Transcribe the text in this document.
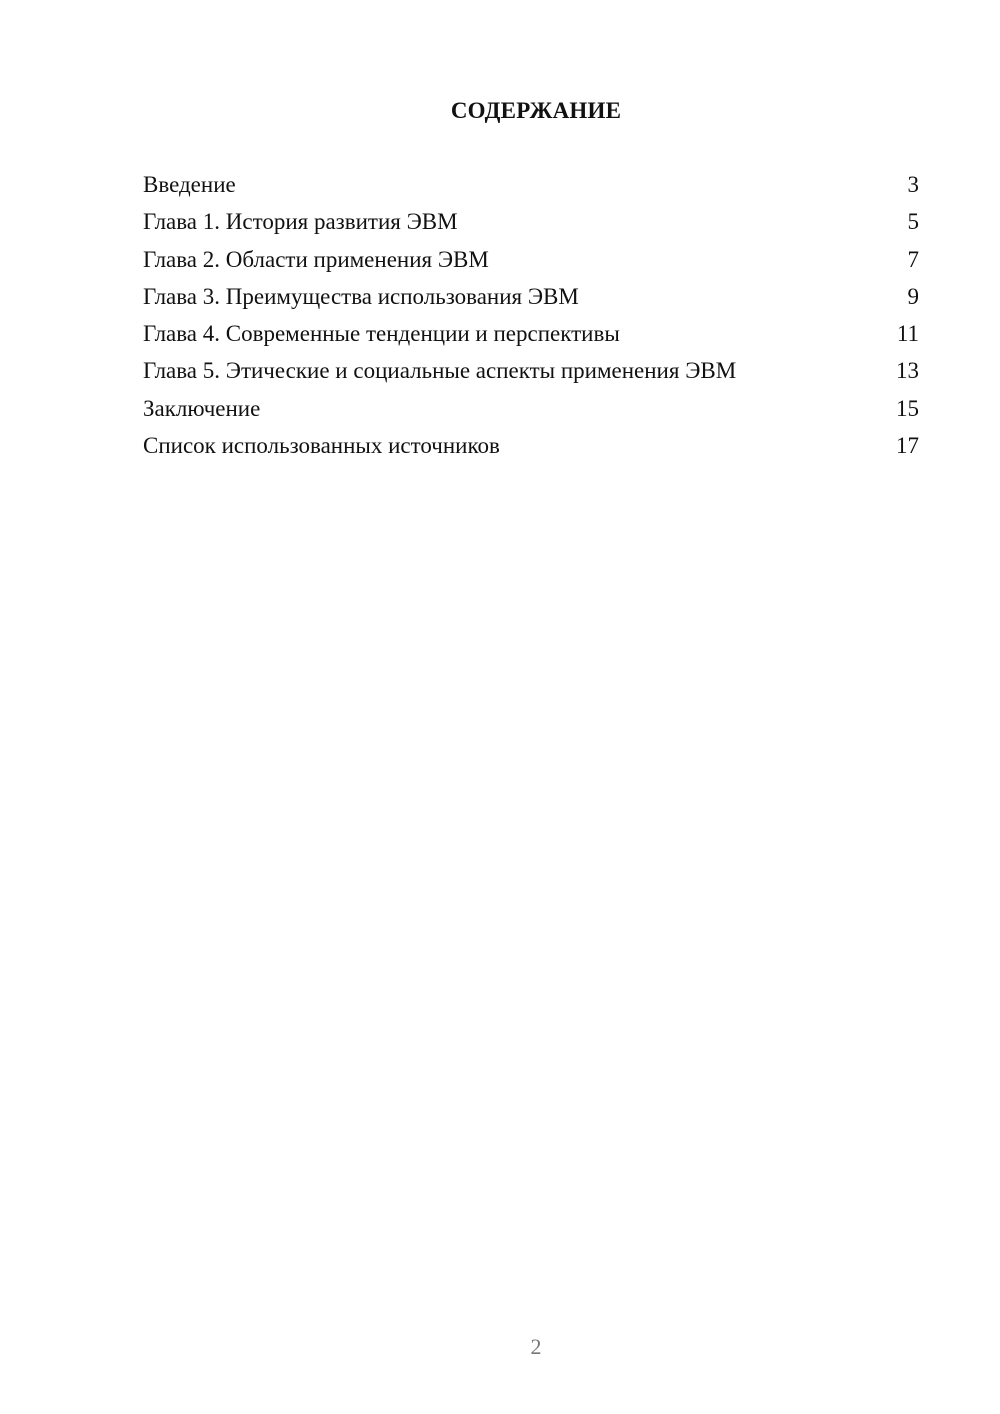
СОДЕРЖАНИЕ
Введение	3
Глава 1. История развития ЭВМ	5
Глава 2. Области применения ЭВМ	7
Глава 3. Преимущества использования ЭВМ	9
Глава 4. Современные тенденции и перспективы	11
Глава 5. Этические и социальные аспекты применения ЭВМ	13
Заключение	15
Список использованных источников	17
2
